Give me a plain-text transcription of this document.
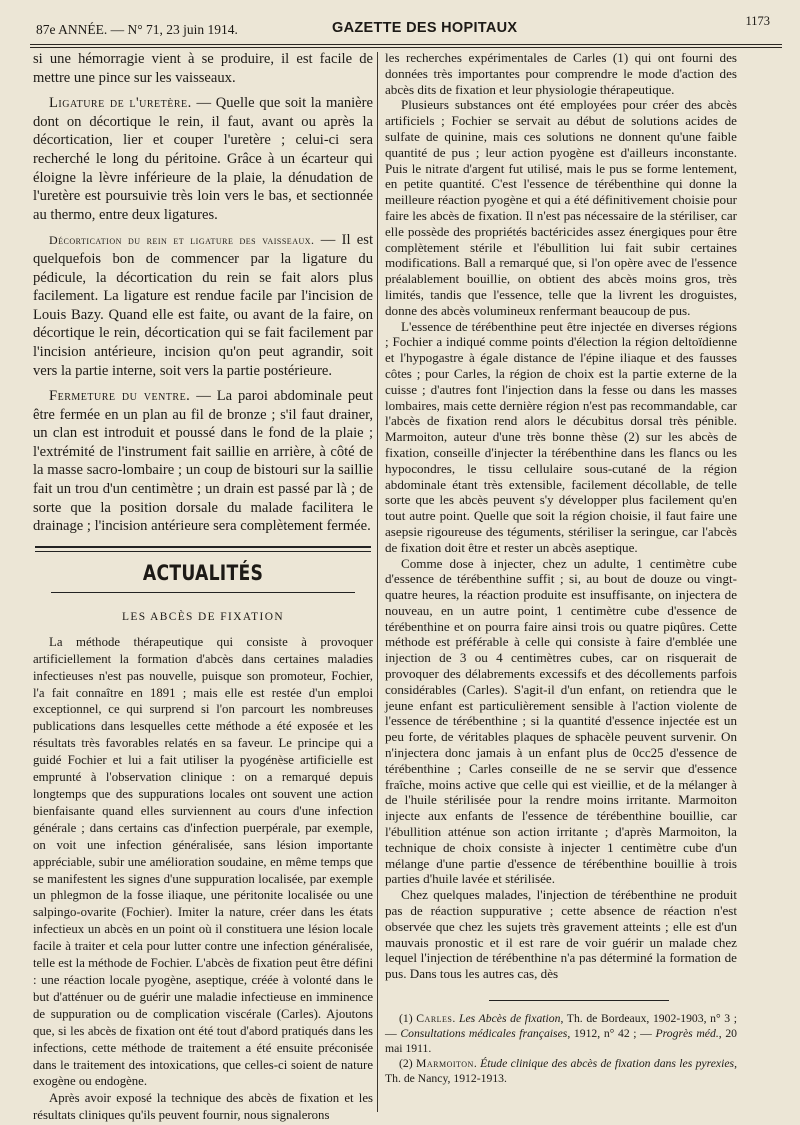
87e ANNÉE. — N° 71, 23 juin 1914.	GAZETTE DES HOPITAUX	1173

si une hémorragie vient à se produire, il est facile de mettre une pince sur les vaisseaux.

Ligature de l'uretère. — Quelle que soit la manière dont on décortique le rein, il faut, avant ou après la décortication, lier et couper l'uretère ; celui-ci sera recherché le long du péritoine. Grâce à un écarteur qui éloigne la lèvre inférieure de la plaie, la dénudation de l'uretère est poursuivie très loin vers le bas, et sectionnée au thermo, entre deux ligatures.

Décortication du rein et ligature des vaisseaux. — Il est quelquefois bon de commencer par la ligature du pédicule, la décortication du rein se fait alors plus facilement. La ligature est rendue facile par l'incision de Louis Bazy. Quand elle est faite, ou avant de la faire, on décortique le rein, décortication qui se fait facilement par l'incision antérieure, incision qu'on peut agrandir, soit vers la partie interne, soit vers la partie postérieure.

Fermeture du ventre. — La paroi abdominale peut être fermée en un plan au fil de bronze ; s'il faut drainer, un clan est introduit et poussé dans le fond de la plaie ; l'extrémité de l'instrument fait saillie en arrière, à côté de la masse sacro-lombaire ; un coup de bistouri sur la saillie fait un trou d'un centimètre ; un drain est passé par là ; de sorte que la position dorsale du malade facilitera le drainage ; l'incision antérieure sera complètement fermée.

ACTUALITÉS
LES ABCÈS DE FIXATION

La méthode thérapeutique qui consiste à provoquer artificiellement la formation d'abcès dans certaines maladies infectieuses n'est pas nouvelle, puisque son promoteur, Fochier, l'a fait connaître en 1891 ; mais elle est restée d'un emploi exceptionnel, ce qui surprend si l'on parcourt les nombreuses publications dans lesquelles cette méthode a été exposée et les résultats très favorables relatés en sa faveur. Le principe qui a guidé Fochier et lui a fait utiliser la pyogénèse artificielle est emprunté à l'observation clinique : on a remarqué depuis longtemps que des suppurations locales ont souvent une action bienfaisante quand elles surviennent au cours d'une infection générale ; dans certains cas d'infection puerpérale, par exemple, on voit une infection généralisée, sans lésion importante appréciable, subir une amélioration soudaine, en même temps que se manifestent les signes d'une suppuration localisée, par exemple un phlegmon de la fosse iliaque, une péritonite localisée ou une salpingo-ovarite (Fochier). Imiter la nature, créer dans les états infectieux un abcès en un point où il constituera une lésion locale facile à traiter et cela pour lutter contre une infection généralisée, telle est la méthode de Fochier. L'abcès de fixation peut être défini : une réaction locale pyogène, aseptique, créée à volonté dans le but d'atténuer ou de guérir une maladie infectieuse en imminence de suppuration ou de complication viscérale (Carles). Ajoutons que, si les abcès de fixation ont été tout d'abord pratiqués dans les infections, cette méthode de traitement a été ensuite préconisée dans le traitement des intoxications, que celles-ci soient de nature exogène ou endogène.

Après avoir exposé la technique des abcès de fixation et les résultats cliniques qu'ils peuvent fournir, nous signalerons

les recherches expérimentales de Carles (1) qui ont fourni des données très importantes pour comprendre le mode d'action des abcès dits de fixation et leur physiologie thérapeutique.

Plusieurs substances ont été employées pour créer des abcès artificiels ; Fochier se servait au début de solutions acides de sulfate de quinine, mais ces solutions ne donnent qu'une faible quantité de pus ; leur action pyogène est d'ailleurs inconstante. Puis le nitrate d'argent fut utilisé, mais le pus se forme lentement, en petite quantité. C'est l'essence de térébenthine qui donne la meilleure réaction pyogène et qui a été définitivement choisie pour faire les abcès de fixation. Il n'est pas nécessaire de la stériliser, car elle possède des propriétés bactéricides assez énergiques pour être complètement stérile et l'ébullition lui fait subir certaines modifications. Ball a remarqué que, si l'on opère avec de l'essence préalablement bouillie, on obtient des abcès moins gros, très limités, tandis que l'essence, telle que la livrent les droguistes, donne des abcès volumineux renfermant beaucoup de pus.

L'essence de térébenthine peut être injectée en diverses régions ; Fochier a indiqué comme points d'élection la région deltoïdienne et l'hypogastre à égale distance de l'épine iliaque et des fausses côtes ; pour Carles, la région de choix est la partie externe de la cuisse ; d'autres font l'injection dans la fesse ou dans les masses lombaires, mais cette dernière région n'est pas recommandable, car l'abcès de fixation rend alors le décubitus dorsal très pénible. Marmoiton, auteur d'une très bonne thèse (2) sur les abcès de fixation, conseille d'injecter la térébenthine dans les flancs ou les hypocondres, le tissu cellulaire sous-cutané de la région abdominale étant très extensible, facilement décollable, de telle sorte que les abcès peuvent s'y développer plus facilement qu'en tout autre point. Quelle que soit la région choisie, il faut faire une asepsie rigoureuse des téguments, stériliser la seringue, car l'abcès de fixation doit être et rester un abcès aseptique.

Comme dose à injecter, chez un adulte, 1 centimètre cube d'essence de térébenthine suffit ; si, au bout de douze ou vingt-quatre heures, la réaction produite est insuffisante, on injectera de nouveau, en un autre point, 1 centimètre cube d'essence de térébenthine et on pourra faire ainsi trois ou quatre piqûres. Cette méthode est préférable à celle qui consiste à faire d'emblée une injection de 3 ou 4 centimètres cubes, car on risquerait de provoquer des délabrements excessifs et des décollements parfois considérables (Carles). S'agit-il d'un enfant, on retiendra que le jeune enfant est particulièrement sensible à l'action violente de l'essence de térébenthine ; si la quantité d'essence injectée est un peu forte, de véritables plaques de sphacèle peuvent survenir. On n'injectera donc jamais à un enfant plus de 0cc25 d'essence de térébenthine ; Carles conseille de ne se servir que d'essence fraîche, moins active que celle qui est vieillie, et de la mélanger à de l'huile stérilisée pour la rendre moins irritante. Marmoiton injecte aux enfants de l'essence de térébenthine bouillie, car l'ébullition atténue son action irritante ; d'après Marmoiton, la technique de choix consiste à injecter 1 centimètre cube d'un mélange d'une partie d'essence de térébenthine bouillie à trois parties d'huile lavée et stérilisée.

Chez quelques malades, l'injection de térébenthine ne produit pas de réaction suppurative ; cette absence de réaction n'est observée que chez les sujets très gravement atteints ; elle est d'un mauvais pronostic et il est rare de voir guérir un malade chez lequel l'injection de térébenthine n'a pas déterminé la formation de pus. Dans tous les autres cas, dès

(1) Carles. Les Abcès de fixation, Th. de Bordeaux, 1902-1903, n° 3 ; — Consultations médicales françaises, 1912, n° 42 ; — Progrès méd., 20 mai 1911.

(2) Marmoiton. Étude clinique des abcès de fixation dans les pyrexies, Th. de Nancy, 1912-1913.
